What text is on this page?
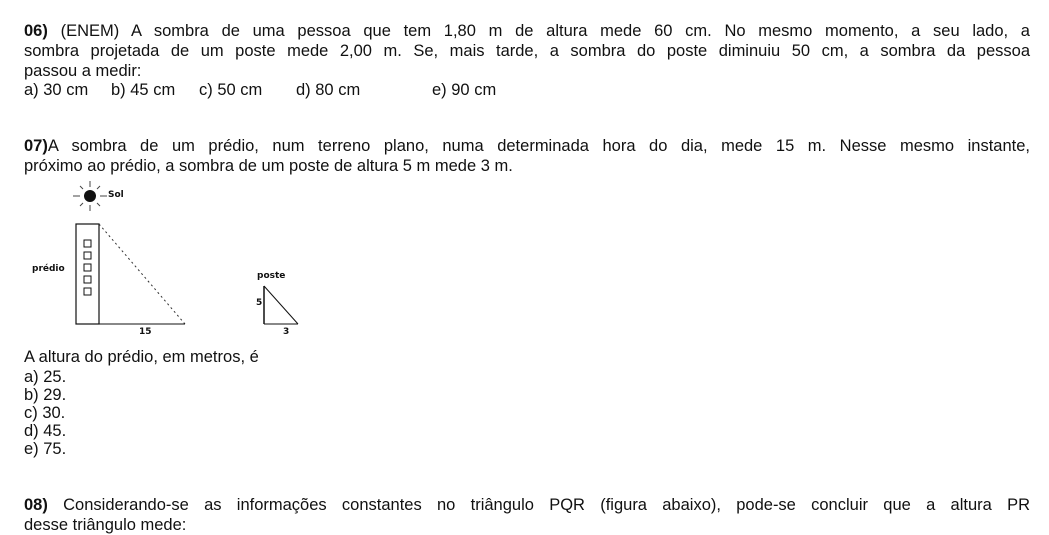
06) (ENEM) A sombra de uma pessoa que tem 1,80 m de altura mede 60 cm. No mesmo momento, a seu lado, a
sombra projetada de um poste mede 2,00 m. Se, mais tarde, a sombra do poste diminuiu 50 cm, a sombra da pessoa
passou a medir:
a) 30 cm b) 45 cm c) 50 cm d) 80 cm	e) 90 cm
07)A sombra de um prédio, num terreno plano, numa determinada hora do dia, mede 15 m. Nesse mesmo instante,
próximo ao prédio, a sombra de um poste de altura 5 m mede 3 m.
Sol
prédio
15
poste
5
3
A altura do prédio, em metros, é
a) 25.
b) 29.
c) 30.
d) 45.
e) 75.
08) Considerando-se as informações constantes no triângulo PQR (figura abaixo), pode-se concluir que a altura PR
desse triângulo mede:
